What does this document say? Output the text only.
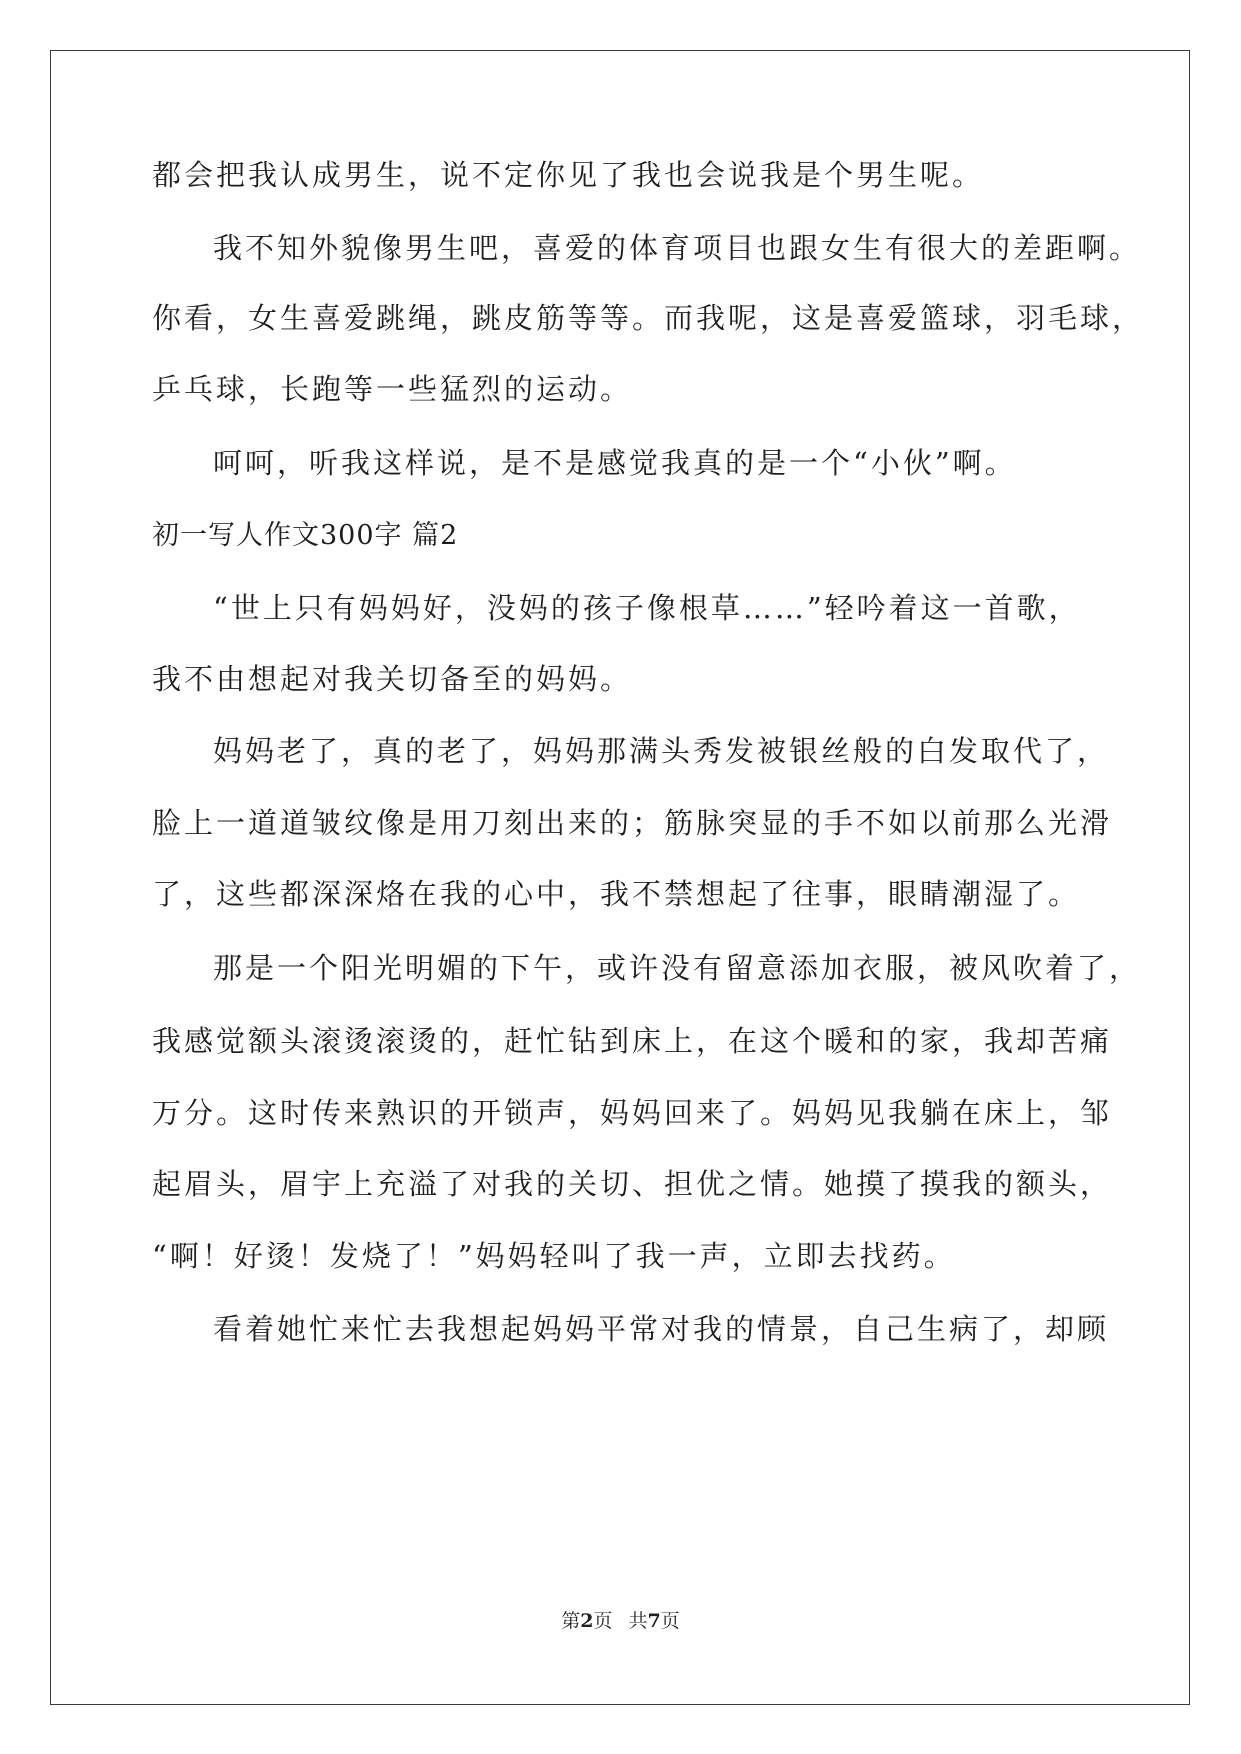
都会把我认成男生，说不定你见了我也会说我是个男生呢。
我不知外貌像男生吧，喜爱的体育项目也跟女生有很大的差距啊。
你看，女生喜爱跳绳，跳皮筋等等。而我呢，这是喜爱篮球，羽毛球，
乒乓球，长跑等一些猛烈的运动。
呵呵，听我这样说，是不是感觉我真的是一个“小伙”啊。
初一写人作文300字 篇2
“世上只有妈妈好，没妈的孩子像根草……”轻吟着这一首歌，
我不由想起对我关切备至的妈妈。
妈妈老了，真的老了，妈妈那满头秀发被银丝般的白发取代了，
脸上一道道皱纹像是用刀刻出来的；筋脉突显的手不如以前那么光滑
了，这些都深深烙在我的心中，我不禁想起了往事，眼睛潮湿了。
那是一个阳光明媚的下午，或许没有留意添加衣服，被风吹着了，
我感觉额头滚烫滚烫的，赶忙钻到床上，在这个暖和的家，我却苦痛
万分。这时传来熟识的开锁声，妈妈回来了。妈妈见我躺在床上，邹
起眉头，眉宇上充溢了对我的关切、担优之情。她摸了摸我的额头，
“啊！好烫！发烧了！”妈妈轻叫了我一声，立即去找药。
看着她忙来忙去我想起妈妈平常对我的情景，自己生病了，却顾
第2页 共7页
